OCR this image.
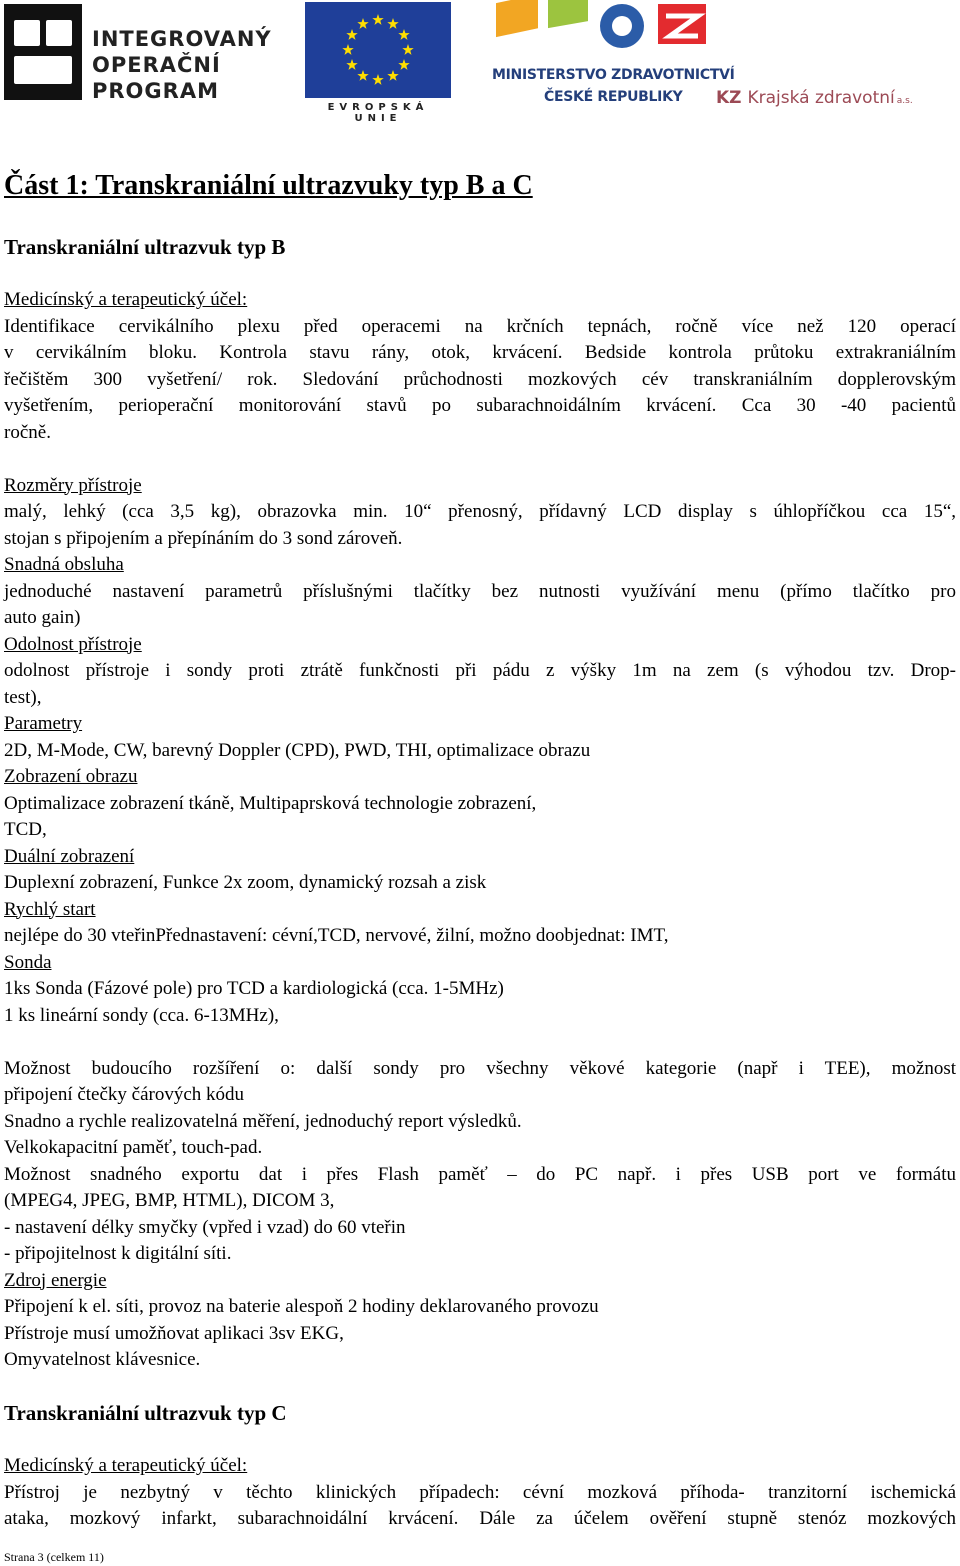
INTEGROVANÝ
OPERAČNÍ
PROGRAM
EVROPSKÁ UNIE
MINISTERSTVO ZDRAVOTNICTVÍ
ČESKÉ REPUBLIKY	KZ Krajská zdravotní a.s.

Část 1: Transkraniální ultrazvuky typ B a C

Transkraniální ultrazvuk typ B

Medicínský a terapeutický účel:

Identifikace cervikálního plexu před operacemi na krčních tepnách, ročně více než 120 operací

v cervikálním bloku. Kontrola stavu rány, otok, krvácení. Bedside kontrola průtoku extrakraniálním

řečištěm 300 vyšetření/ rok. Sledování průchodnosti mozkových cév transkraniálním dopplerovským

vyšetřením, perioperační monitorování stavů po subarachnoidálním krvácení. Cca 30 -40 pacientů

ročně.

Rozměry přístroje

malý, lehký (cca 3,5 kg), obrazovka min. 10“ přenosný, přídavný LCD display s úhlopříčkou cca 15“,

stojan s připojením a přepínáním do 3 sond zároveň.

Snadná obsluha

jednoduché nastavení parametrů příslušnými tlačítky bez nutnosti využívání menu (přímo tlačítko pro

auto gain)

Odolnost přístroje

odolnost přístroje i sondy proti ztrátě funkčnosti při pádu z výšky 1m na zem (s výhodou tzv. Drop-

test),

Parametry

2D, M-Mode, CW, barevný Doppler (CPD), PWD, THI, optimalizace obrazu

Zobrazení obrazu

Optimalizace zobrazení tkáně, Multipaprsková technologie zobrazení,

TCD,

Duální zobrazení

Duplexní zobrazení, Funkce 2x zoom, dynamický rozsah a zisk

Rychlý start

nejlépe do 30 vteřinPřednastavení: cévní,TCD, nervové, žilní, možno doobjednat: IMT,

Sonda

1ks Sonda (Fázové pole) pro TCD a kardiologická (cca. 1-5MHz)

1 ks lineární sondy (cca. 6-13MHz),

Možnost budoucího rozšíření o: další sondy pro všechny věkové kategorie (např i TEE), možnost

připojení čtečky čárových kódu

Snadno a rychle realizovatelná měření, jednoduchý report výsledků.

Velkokapacitní paměť, touch-pad.

Možnost snadného exportu dat i přes Flash paměť – do PC např. i přes USB port ve formátu

(MPEG4, JPEG, BMP, HTML), DICOM 3,

- nastavení délky smyčky (vpřed i vzad) do 60 vteřin

- připojitelnost k digitální síti.

Zdroj energie

Připojení k el. síti, provoz na baterie alespoň 2 hodiny deklarovaného provozu

Přístroje musí umožňovat aplikaci 3sv EKG,

Omyvatelnost klávesnice.

Transkraniální ultrazvuk typ C

Medicínský a terapeutický účel:

Přístroj je nezbytný v těchto klinických případech: cévní mozková příhoda- tranzitorní ischemická

ataka, mozkový infarkt, subarachnoidální krvácení. Dále za účelem ověření stupně stenóz mozkových

Strana 3 (celkem 11)
